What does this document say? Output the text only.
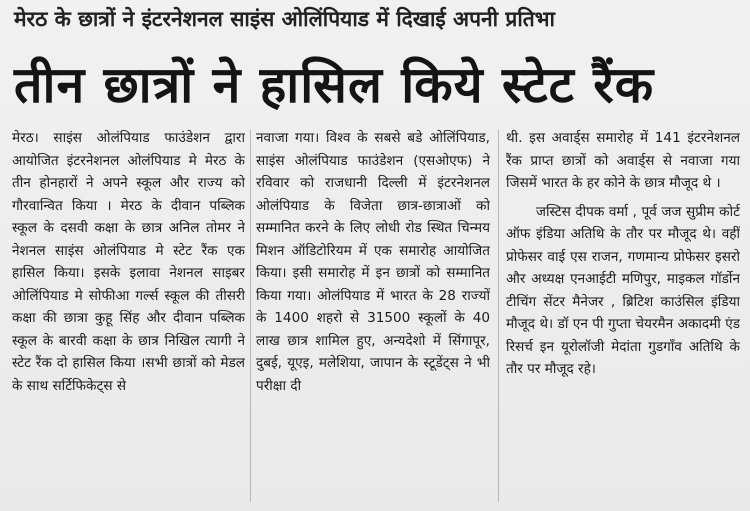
मेरठ के छात्रों ने इंटरनेशनल साइंस ओलिंपियाड में दिखाई अपनी प्रतिभा
तीन छात्रों ने हासिल किये स्टेट रैंक

मेरठ। साइंस ओलंपियाड फाउंडेशन द्वारा आयोजित इंटरनेशनल ओलंपियाड मे मेरठ के तीन होनहारों ने अपने स्कूल और राज्य को गौरवान्वित किया । मेरठ के दीवान पब्लिक स्कूल के दसवी कक्षा के छात्र अनिल तोमर ने नेशनल साइंस ओलंपियाड मे स्टेट रैंक एक हासिल किया। इसके इलावा नेशनल साइबर ओलिंपियाड मे सोफीआ गर्ल्स स्कूल की तीसरी कक्षा की छात्रा कुहू सिंह और दीवान पब्लिक स्कूल के बारवी कक्षा के छात्र निखिल त्यागी ने स्टेट रैंक दो हासिल किया ।सभी छात्रों को मेडल के साथ सर्टिफिकेट्स से

नवाजा गया। विश्व के सबसे बडे ओलिंपियाड, साइंस ओलंपियाड फाउंडेशन (एसओएफ) ने रविवार को राजधानी दिल्ली में इंटरनेशनल ओलंपियाड के विजेता छात्र-छात्राओं को सम्मानित करने के लिए लोधी रोड स्थित चिन्मय मिशन ऑडिटोरियम में एक समारोह आयोजित किया। इसी समारोह में इन छात्रों को सम्मानित किया गया। ओलंपियाड में भारत के 28 राज्यों के 1400 शहरो से 31500 स्कूलों के 40 लाख छात्र शामिल हुए, अन्यदेशो में सिंगापूर, दुबई, यूएइ, मलेशिया, जापान के स्टूडेंट्स ने भी परीक्षा दी

थी. इस अवार्ड्स समारोह में 141 इंटरनेशनल रैंक प्राप्त छात्रों को अवार्ड्स से नवाजा गया जिसमें भारत के हर कोने के छात्र मौजूद थे ।

जस्टिस दीपक वर्मा , पूर्व जज सुप्रीम कोर्ट ऑफ इंडिया अतिथि के तौर पर मौजूद थे। वहीं प्रोफेसर वाई एस राजन, गणमान्य प्रोफेसर इसरो और अध्यक्ष एनआईटी मणिपुर, माइकल गॉर्डोन टीचिंग सेंटर मैनेजर , ब्रिटिश काउंसिल इंडिया मौजूद थे। डॉ एन पी गुप्ता चेयरमैन अकादमी एंड रिसर्च इन यूरोलॉजी मेदांता गुडगाँव अतिथि के तौर पर मौजूद रहे।
